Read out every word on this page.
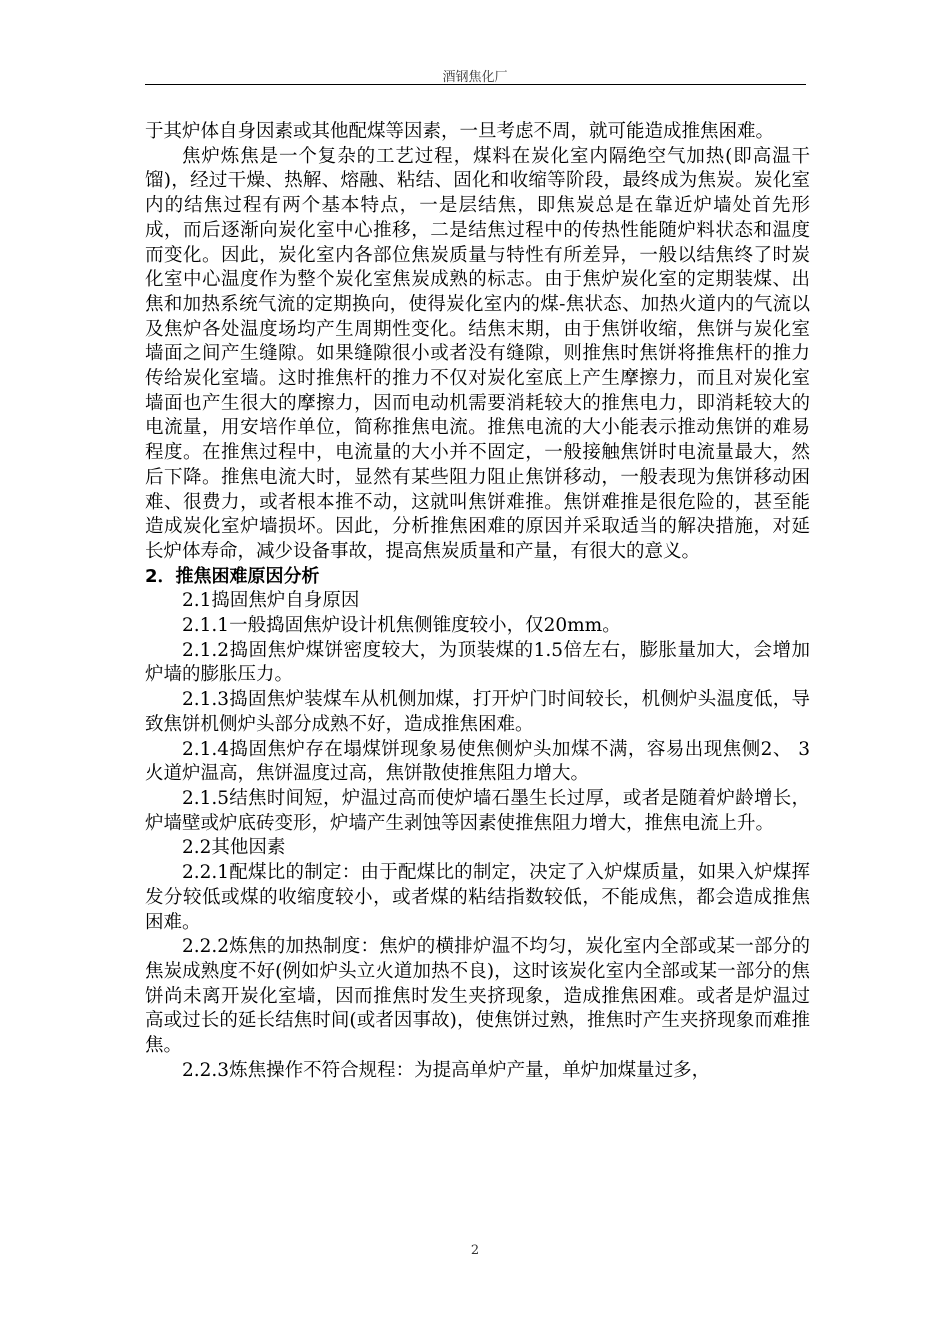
酒钢焦化厂

于其炉体自身因素或其他配煤等因素，一旦考虑不周，就可能造成推焦困难。

焦炉炼焦是一个复杂的工艺过程，煤料在炭化室内隔绝空气加热(即高温干馏)，经过干燥、热解、熔融、粘结、固化和收缩等阶段，最终成为焦炭。炭化室内的结焦过程有两个基本特点，一是层结焦，即焦炭总是在靠近炉墙处首先形成，而后逐渐向炭化室中心推移，二是结焦过程中的传热性能随炉料状态和温度而变化。因此，炭化室内各部位焦炭质量与特性有所差异，一般以结焦终了时炭化室中心温度作为整个炭化室焦炭成熟的标志。由于焦炉炭化室的定期装煤、出焦和加热系统气流的定期换向，使得炭化室内的煤-焦状态、加热火道内的气流以及焦炉各处温度场均产生周期性变化。结焦末期，由于焦饼收缩，焦饼与炭化室墙面之间产生缝隙。如果缝隙很小或者没有缝隙，则推焦时焦饼将推焦杆的推力传给炭化室墙。这时推焦杆的推力不仅对炭化室底上产生摩擦力，而且对炭化室墙面也产生很大的摩擦力，因而电动机需要消耗较大的推焦电力，即消耗较大的电流量，用安培作单位，简称推焦电流。推焦电流的大小能表示推动焦饼的难易程度。在推焦过程中，电流量的大小并不固定，一般接触焦饼时电流量最大，然后下降。推焦电流大时，显然有某些阻力阻止焦饼移动，一般表现为焦饼移动困难、很费力，或者根本推不动，这就叫焦饼难推。焦饼难推是很危险的，甚至能造成炭化室炉墙损坏。因此，分析推焦困难的原因并采取适当的解决措施，对延长炉体寿命，减少设备事故，提高焦炭质量和产量，有很大的意义。

2．推焦困难原因分析

2.1捣固焦炉自身原因

2.1.1一般捣固焦炉设计机焦侧锥度较小，仅20mm。

2.1.2捣固焦炉煤饼密度较大，为顶装煤的1.5倍左右，膨胀量加大，会增加炉墙的膨胀压力。

2.1.3捣固焦炉装煤车从机侧加煤，打开炉门时间较长，机侧炉头温度低，导致焦饼机侧炉头部分成熟不好，造成推焦困难。

2.1.4捣固焦炉存在塌煤饼现象易使焦侧炉头加煤不满，容易出现焦侧2、 3火道炉温高，焦饼温度过高，焦饼散使推焦阻力增大。

2.1.5结焦时间短，炉温过高而使炉墙石墨生长过厚，或者是随着炉龄增长，炉墙壁或炉底砖变形，炉墙产生剥蚀等因素使推焦阻力增大，推焦电流上升。

2.2其他因素

2.2.1配煤比的制定：由于配煤比的制定，决定了入炉煤质量，如果入炉煤挥发分较低或煤的收缩度较小，或者煤的粘结指数较低，不能成焦，都会造成推焦困难。

2.2.2炼焦的加热制度：焦炉的横排炉温不均匀，炭化室内全部或某一部分的焦炭成熟度不好(例如炉头立火道加热不良)，这时该炭化室内全部或某一部分的焦饼尚未离开炭化室墙，因而推焦时发生夹挤现象，造成推焦困难。或者是炉温过高或过长的延长结焦时间(或者因事故)，使焦饼过熟，推焦时产生夹挤现象而难推焦。

2.2.3炼焦操作不符合规程：为提高单炉产量，单炉加煤量过多，

2
